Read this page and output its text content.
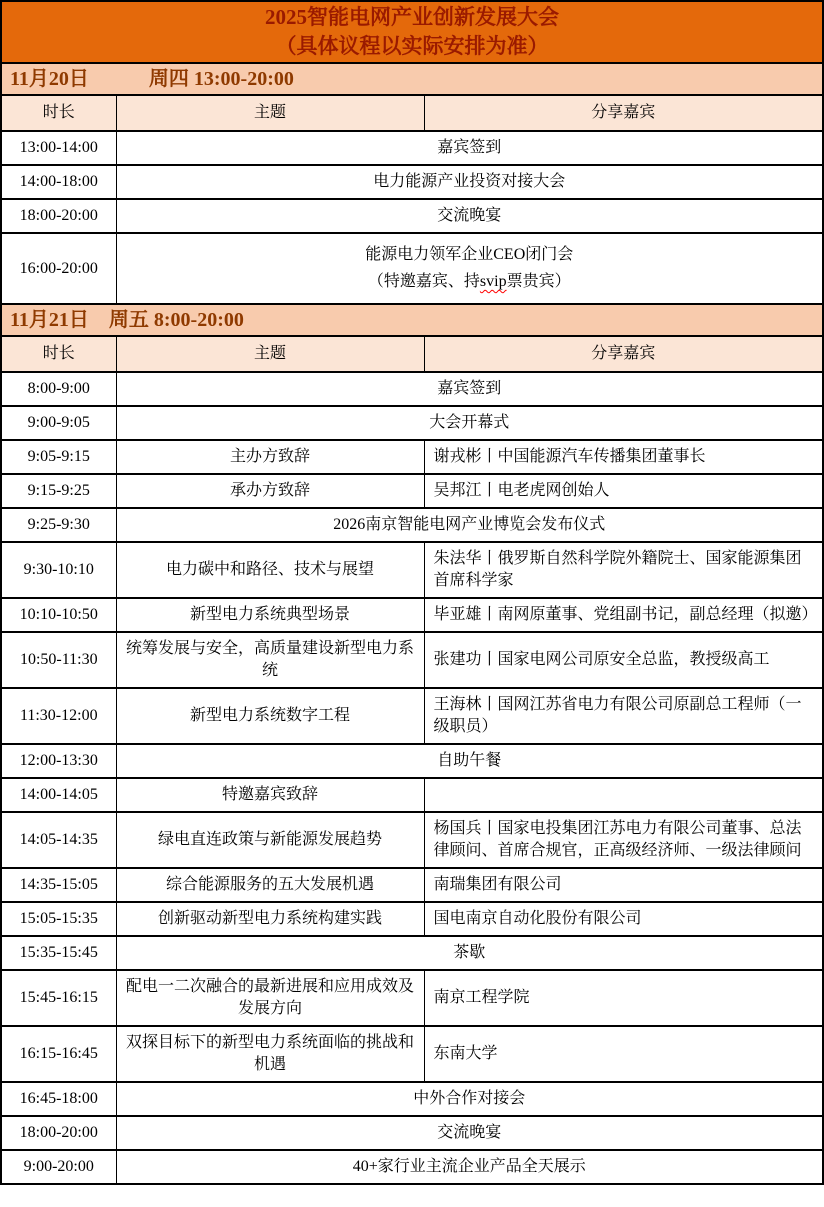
2025智能电网产业创新发展大会
（具体议程以实际安排为准）		

11月20日　　　周四 13:00-20:00		
时长	主题	分享嘉宾
13:00-14:00	嘉宾签到	
14:00-18:00	电力能源产业投资对接大会	
18:00-20:00	交流晚宴	
16:00-20:00	能源电力领军企业CEO闭门会

（特邀嘉宾、持svip票贵宾）	

11月21日　周五 8:00-20:00		
时长	主题	分享嘉宾
8:00-9:00	嘉宾签到	
9:00-9:05	大会开幕式	
9:05-9:15	主办方致辞	谢戎彬丨中国能源汽车传播集团董事长
9:15-9:25	承办方致辞	吴邦江丨电老虎网创始人
9:25-9:30	2026南京智能电网产业博览会发布仪式	
9:30-10:10	电力碳中和路径、技术与展望	朱法华丨俄罗斯自然科学院外籍院士、国家能源集团首席科学家
10:10-10:50	新型电力系统典型场景	毕亚雄丨南网原董事、党组副书记，副总经理（拟邀）
10:50-11:30	统筹发展与安全，高质量建设新型电力系统	张建功丨国家电网公司原安全总监，教授级高工
11:30-12:00	新型电力系统数字工程	王海林丨国网江苏省电力有限公司原副总工程师（一级职员）
12:00-13:30	自助午餐	
14:00-14:05	特邀嘉宾致辞	
14:05-14:35	绿电直连政策与新能源发展趋势	杨国兵丨国家电投集团江苏电力有限公司董事、总法律顾问、首席合规官，正高级经济师、一级法律顾问
14:35-15:05	综合能源服务的五大发展机遇	南瑞集团有限公司
15:05-15:35	创新驱动新型电力系统构建实践	国电南京自动化股份有限公司
15:35-15:45	茶歇	
15:45-16:15	配电一二次融合的最新进展和应用成效及发展方向	南京工程学院
16:15-16:45	双探目标下的新型电力系统面临的挑战和机遇	东南大学
16:45-18:00	中外合作对接会	
18:00-20:00	交流晚宴	
9:00-20:00	40+家行业主流企业产品全天展示	
